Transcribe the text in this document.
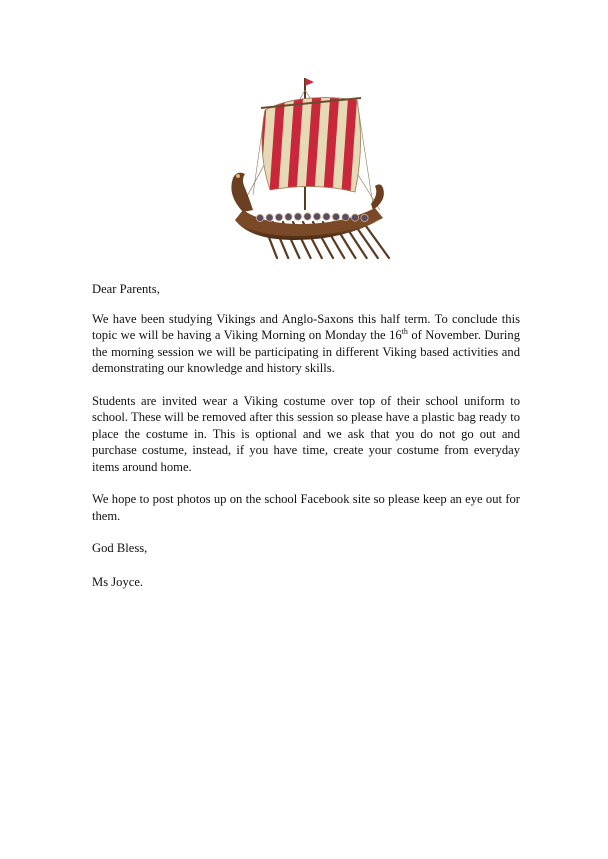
Dear Parents,

We have been studying Vikings and Anglo-Saxons this half term. To conclude this topic we will be having a Viking Morning on Monday the 16th of November. During the morning session we will be participating in different Viking based activities and demonstrating our knowledge and history skills.

Students are invited wear a Viking costume over top of their school uniform to school. These will be removed after this session so please have a plastic bag ready to place the costume in. This is optional and we ask that you do not go out and purchase costume, instead, if you have time, create your costume from everyday items around home.

We hope to post photos up on the school Facebook site so please keep an eye out for them.

God Bless,

Ms Joyce.
